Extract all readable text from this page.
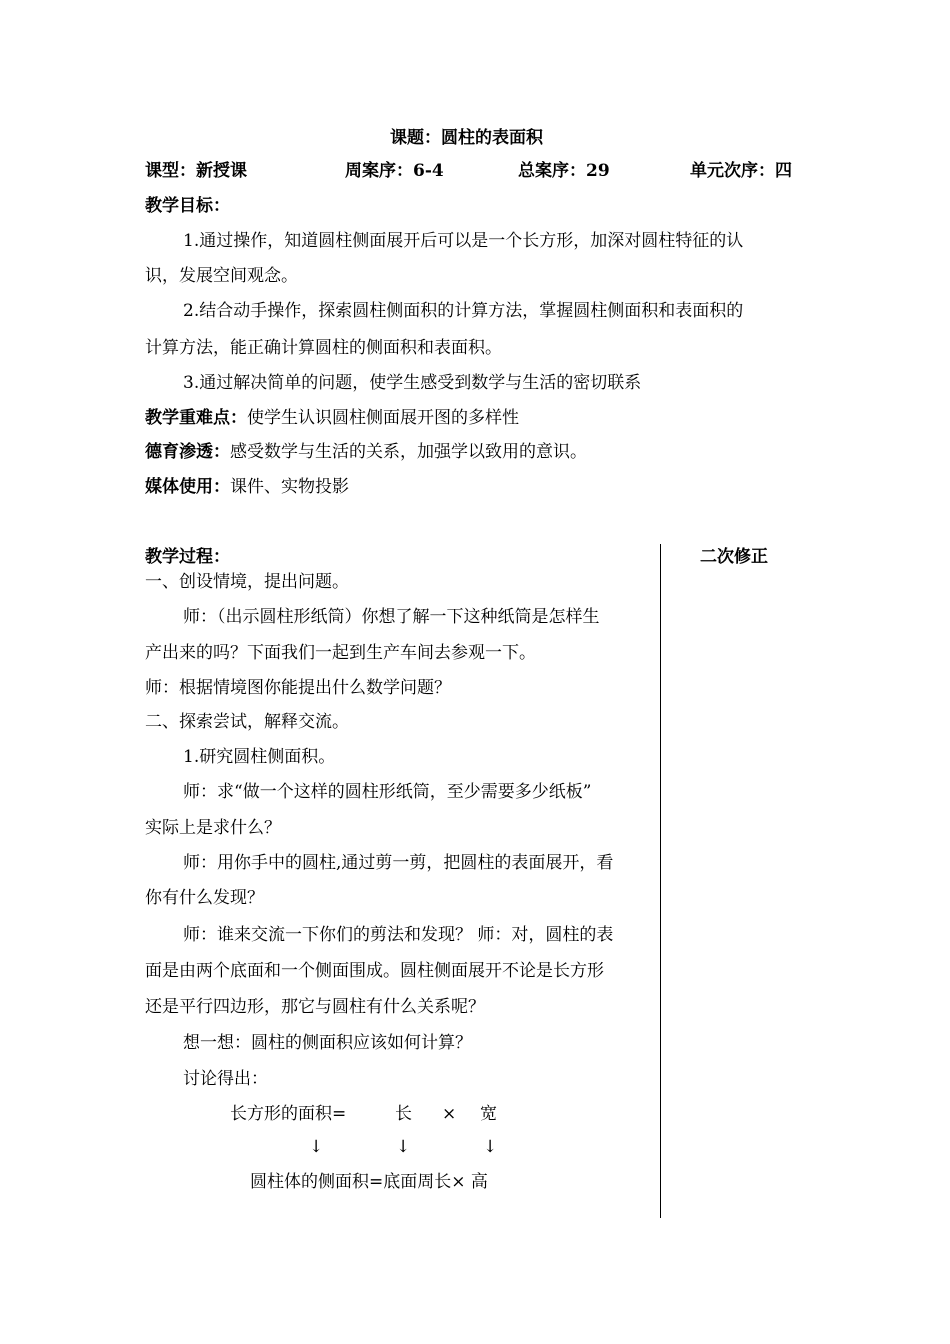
课题：圆柱的表面积
课型：新授课	周案序：6-4	总案序：29	单元次序：四
教学目标：
1.通过操作，知道圆柱侧面展开后可以是一个长方形，加深对圆柱特征的认
识，发展空间观念。
2.结合动手操作，探索圆柱侧面积的计算方法，掌握圆柱侧面积和表面积的
计算方法，能正确计算圆柱的侧面积和表面积。
3.通过解决简单的问题，使学生感受到数学与生活的密切联系
教学重难点：使学生认识圆柱侧面展开图的多样性
德育渗透：感受数学与生活的关系，加强学以致用的意识。
媒体使用：课件、实物投影
教学过程：	二次修正
一、创设情境，提出问题。
师：（出示圆柱形纸筒）你想了解一下这种纸筒是怎样生
产出来的吗？下面我们一起到生产车间去参观一下。
师：根据情境图你能提出什么数学问题？
二、探索尝试，解释交流。
1.研究圆柱侧面积。
师：求“做一个这样的圆柱形纸筒，至少需要多少纸板”
实际上是求什么？
师：用你手中的圆柱,通过剪一剪，把圆柱的表面展开，看
你有什么发现？
师：谁来交流一下你们的剪法和发现？ 师：对，圆柱的表
面是由两个底面和一个侧面围成。圆柱侧面展开不论是长方形
还是平行四边形，那它与圆柱有什么关系呢？
想一想：圆柱的侧面积应该如何计算？
讨论得出：
长方形的面积=	长 × 宽
↓	↓	↓
圆柱体的侧面积=底面周长× 高
